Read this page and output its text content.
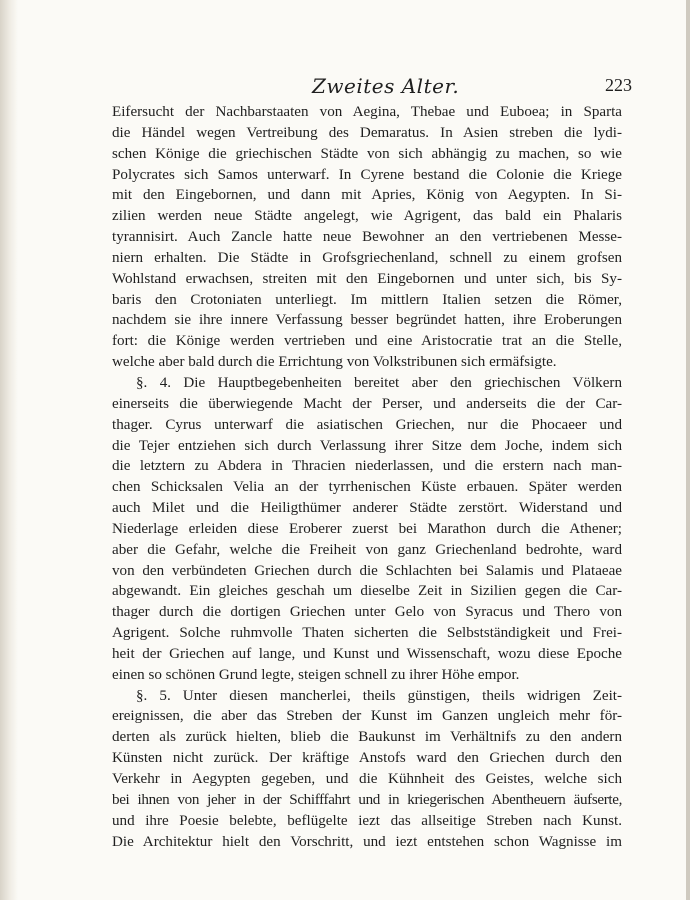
Zweites Alter.	223
Eifersucht der Nachbarstaaten von Aegina, Thebae und Euboea; in Sparta
die Händel wegen Vertreibung des Demaratus. In Asien streben die lydi-
schen Könige die griechischen Städte von sich abhängig zu machen, so wie
Polycrates sich Samos unterwarf. In Cyrene bestand die Colonie die Kriege
mit den Eingebornen, und dann mit Apries, König von Aegypten. In Si-
zilien werden neue Städte angelegt, wie Agrigent, das bald ein Phalaris
tyrannisirt. Auch Zancle hatte neue Bewohner an den vertriebenen Messe-
niern erhalten. Die Städte in Grofsgriechenland, schnell zu einem grofsen
Wohlstand erwachsen, streiten mit den Eingebornen und unter sich, bis Sy-
baris den Crotoniaten unterliegt. Im mittlern Italien setzen die Römer,
nachdem sie ihre innere Verfassung besser begründet hatten, ihre Eroberungen
fort: die Könige werden vertrieben und eine Aristocratie trat an die Stelle,
welche aber bald durch die Errichtung von Volkstribunen sich ermäfsigte.
§. 4. Die Hauptbegebenheiten bereitet aber den griechischen Völkern
einerseits die überwiegende Macht der Perser, und anderseits die der Car-
thager. Cyrus unterwarf die asiatischen Griechen, nur die Phocaeer und
die Tejer entziehen sich durch Verlassung ihrer Sitze dem Joche, indem sich
die letztern zu Abdera in Thracien niederlassen, und die erstern nach man-
chen Schicksalen Velia an der tyrrhenischen Küste erbauen. Später werden
auch Milet und die Heiligthümer anderer Städte zerstört. Widerstand und
Niederlage erleiden diese Eroberer zuerst bei Marathon durch die Athener;
aber die Gefahr, welche die Freiheit von ganz Griechenland bedrohte, ward
von den verbündeten Griechen durch die Schlachten bei Salamis und Plataeae
abgewandt. Ein gleiches geschah um dieselbe Zeit in Sizilien gegen die Car-
thager durch die dortigen Griechen unter Gelo von Syracus und Thero von
Agrigent. Solche ruhmvolle Thaten sicherten die Selbstständigkeit und Frei-
heit der Griechen auf lange, und Kunst und Wissenschaft, wozu diese Epoche
einen so schönen Grund legte, steigen schnell zu ihrer Höhe empor.
§. 5. Unter diesen mancherlei, theils günstigen, theils widrigen Zeit-
ereignissen, die aber das Streben der Kunst im Ganzen ungleich mehr för-
derten als zurück hielten, blieb die Baukunst im Verhältnifs zu den andern
Künsten nicht zurück. Der kräftige Anstofs ward den Griechen durch den
Verkehr in Aegypten gegeben, und die Kühnheit des Geistes, welche sich
bei ihnen von jeher in der Schifffahrt und in kriegerischen Abentheuern äufserte,
und ihre Poesie belebte, beflügelte iezt das allseitige Streben nach Kunst.
Die Architektur hielt den Vorschritt, und iezt entstehen schon Wagnisse im
